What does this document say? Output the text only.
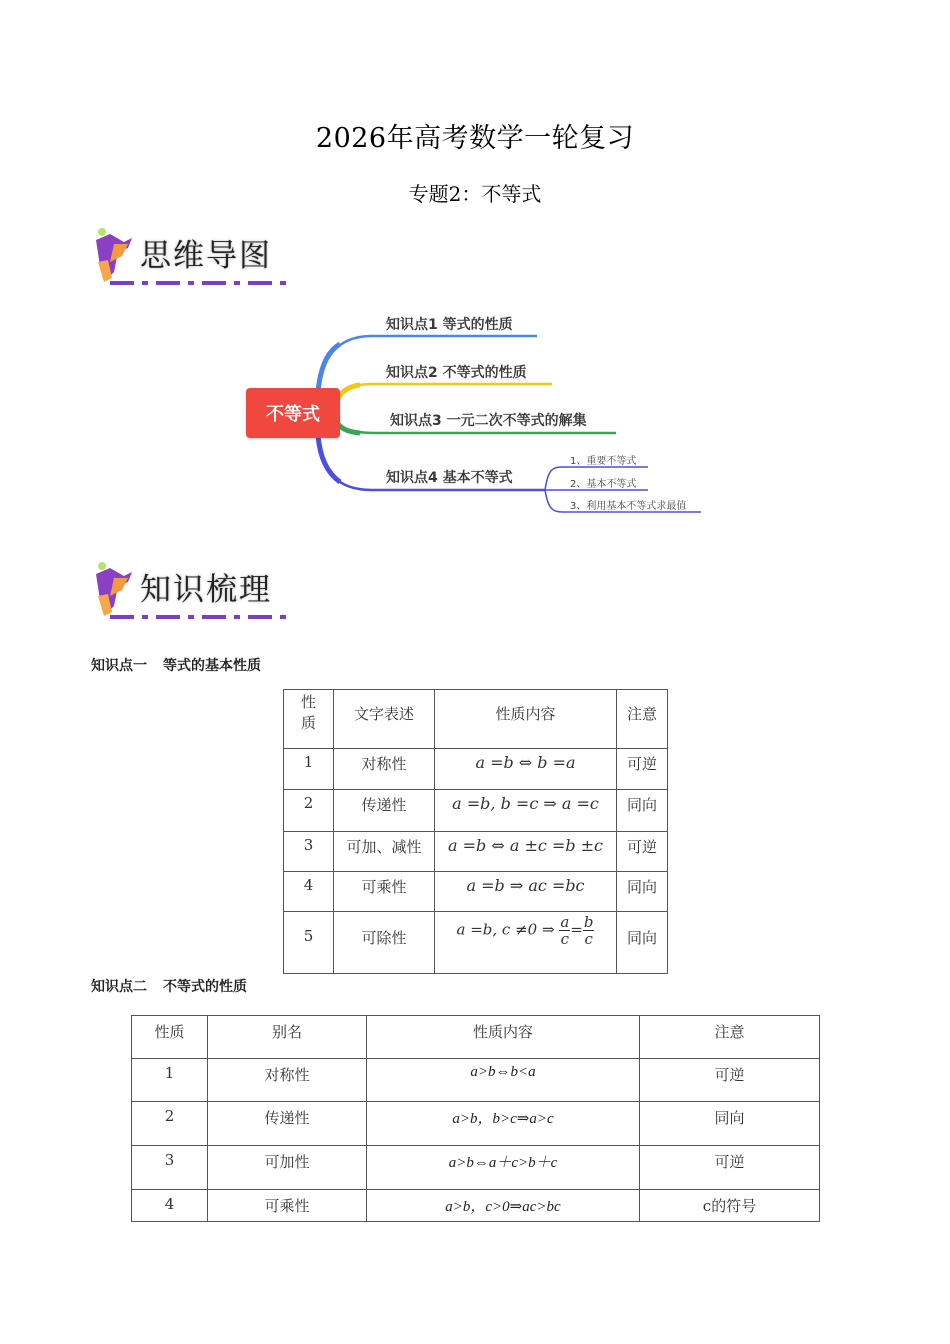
2026年高考数学一轮复习
专题2：不等式
思维导图
不等式
知识点1 等式的性质
知识点2 不等式的性质
知识点3 一元二次不等式的解集
知识点4 基本不等式
1、重要不等式
2、基本不等式
3、利用基本不等式求最值
知识梳理
知识点一 等式的基本性质
性质	文字表述	性质内容	注意
1	对称性	a =b ⇔ b =a	可逆
2	传递性	a =b, b =c ⇒ a =c	同向
3	可加、减性	a =b ⇔ a ±c =b ±c	可逆
4	可乘性	a =b ⇒ ac =bc	同向
5	可除性	a =b, c ≠0 ⇒ $\frac{a}{c} = \frac{b}{c}$	同向
知识点二 不等式的性质
性质	别名	性质内容	注意
1	对称性	a>b⇔b<a	可逆
2	传递性	a>b，b>c⇒a>c	同向
3	可加性	a>b⇔a＋c>b＋c	可逆
4	可乘性	a>b，c>0⇒ac>bc	c的符号
